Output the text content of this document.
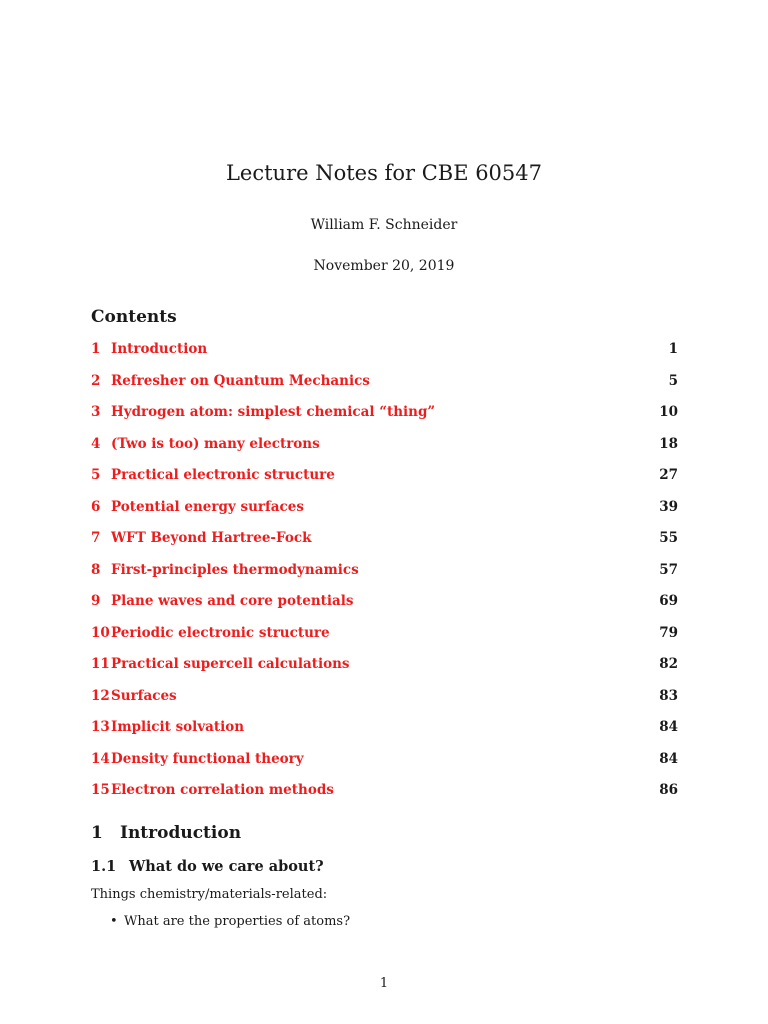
Lecture Notes for CBE 60547
William F. Schneider
November 20, 2019
Contents
1 Introduction	1
2 Refresher on Quantum Mechanics	5
3 Hydrogen atom: simplest chemical “thing”	10
4 (Two is too) many electrons	18
5 Practical electronic structure	27
6 Potential energy surfaces	39
7 WFT Beyond Hartree-Fock	55
8 First-principles thermodynamics	57
9 Plane waves and core potentials	69
10 Periodic electronic structure	79
11 Practical supercell calculations	82
12 Surfaces	83
13 Implicit solvation	84
14 Density functional theory	84
15 Electron correlation methods	86
1	Introduction
1.1 What do we care about?

Things chemistry/materials-related:

• What are the properties of atoms?
1
